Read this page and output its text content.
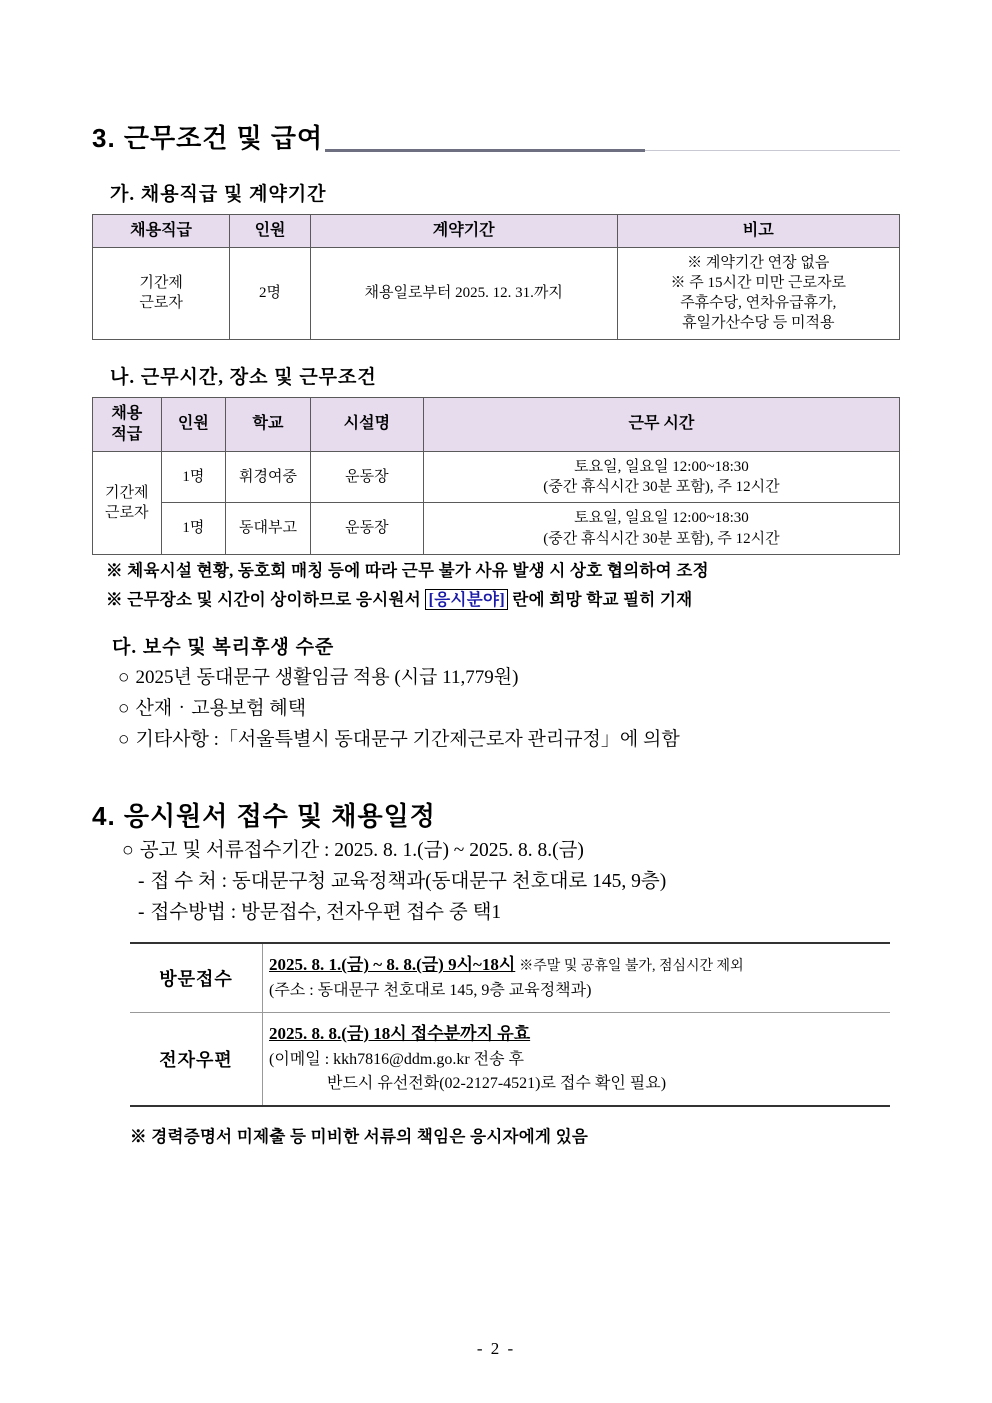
3. 근무조건 및 급여
가. 채용직급 및 계약기간
채용직급	인원	계약기간	비고
기간제
근로자	2명	채용일로부터 2025. 12. 31.까지	※ 계약기간 연장 없음
※ 주 15시간 미만 근로자로
주휴수당, 연차유급휴가,
휴일가산수당 등 미적용
나. 근무시간, 장소 및 근무조건
채용
적급	인원	학교	시설명	근무 시간
기간제
근로자	1명	휘경여중	운동장	토요일, 일요일 12:00~18:30
(중간 휴식시간 30분 포함), 주 12시간
	1명	동대부고	운동장	토요일, 일요일 12:00~18:30
(중간 휴식시간 30분 포함), 주 12시간
※ 체육시설 현황, 동호회 매칭 등에 따라 근무 불가 사유 발생 시 상호 협의하여 조정
※ 근무장소 및 시간이 상이하므로 응시원서 [응시분야] 란에 희망 학교 필히 기재
다. 보수 및 복리후생 수준
○ 2025년 동대문구 생활임금 적용 (시급 11,779원)
○ 산재‧고용보험 혜택
○ 기타사항 :「서울특별시 동대문구 기간제근로자 관리규정」에 의함
4. 응시원서 접수 및 채용일정
○ 공고 및 서류접수기간 : 2025. 8. 1.(금) ~ 2025. 8. 8.(금)
- 접 수 처 : 동대문구청 교육정책과(동대문구 천호대로 145, 9층)
- 접수방법 : 방문접수, 전자우편 접수 중 택1
방문접수	2025. 8. 1.(금) ~ 8. 8.(금) 9시~18시 ※주말 및 공휴일 불가, 점심시간 제외
(주소 : 동대문구 천호대로 145, 9층 교육정책과)
전자우편	2025. 8. 8.(금) 18시 접수분까지 유효
(이메일 : kkh7816@ddm.go.kr 전송 후
반드시 유선전화(02-2127-4521)로 접수 확인 필요)
※ 경력증명서 미제출 등 미비한 서류의 책임은 응시자에게 있음
- 2 -
